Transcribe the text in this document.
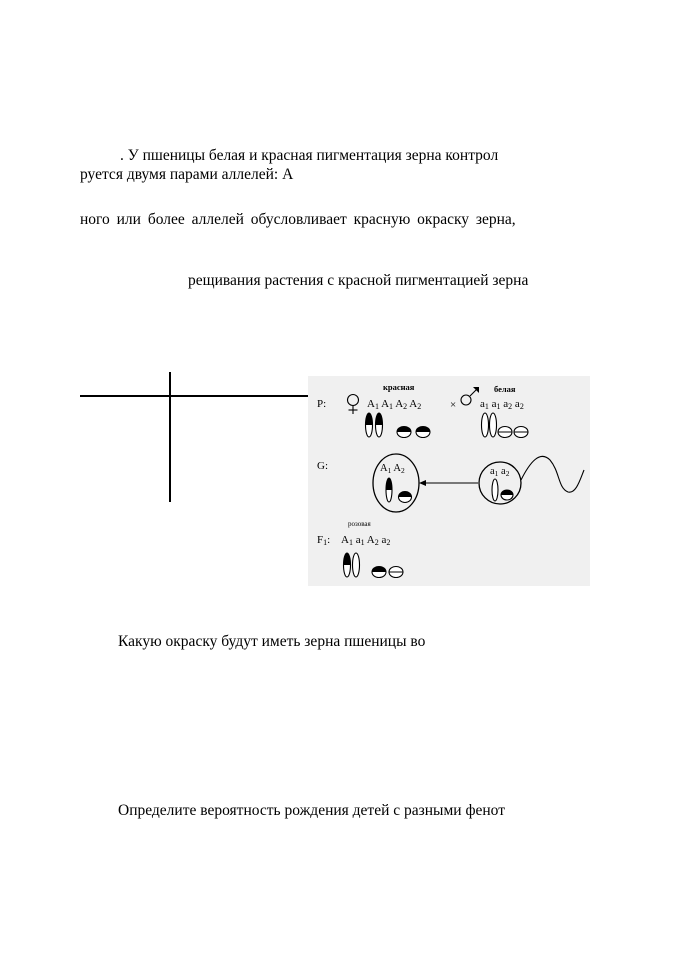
. У пшеницы белая и красная пигментация зерна контрол
руется двумя парами аллелей: А
ного или более аллелей обусловливает красную окраску зерна,
рещивания растения с красной пигментацией зерна
красная	белая
P:	A1 A1 A2 A2	× a1 a1 a2 a2
G:	A1 A2	a1 a2
розовая
F1: A1 a1 A2 a2
Какую окраску будут иметь зерна пшеницы во
Определите вероятность рождения детей с разными фенот
